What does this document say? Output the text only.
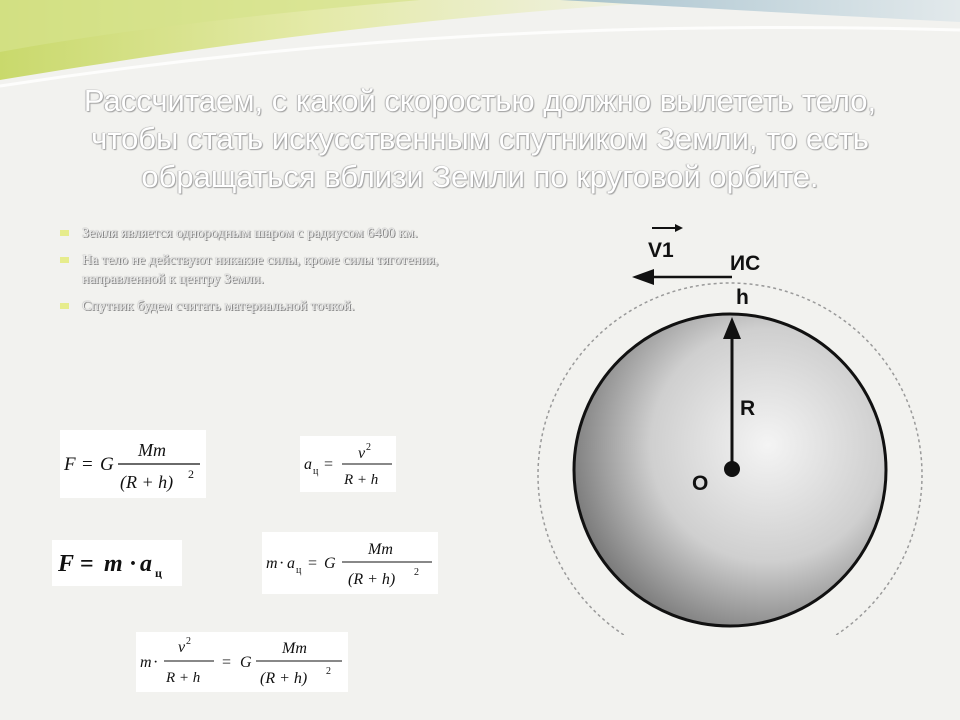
Рассчитаем, с какой скоростью должно вылететь тело, чтобы стать искусственным спутником Земли, то есть обращаться вблизи Земли по круговой орбите.
Земля является однородным шаром с радиусом 6400 км.
На тело не действуют никакие силы, кроме силы тяготения, направленной к центру Земли.
Спутник будем считать материальной точкой.
F = G
Mm
(R + h) 2
a ц =
v 2
R + h
F = m · a ц
m · a ц = G
Mm
(R + h) 2
m ·
v 2
R + h
= G
Mm
(R + h) 2
V1
ИС
h
R
O
